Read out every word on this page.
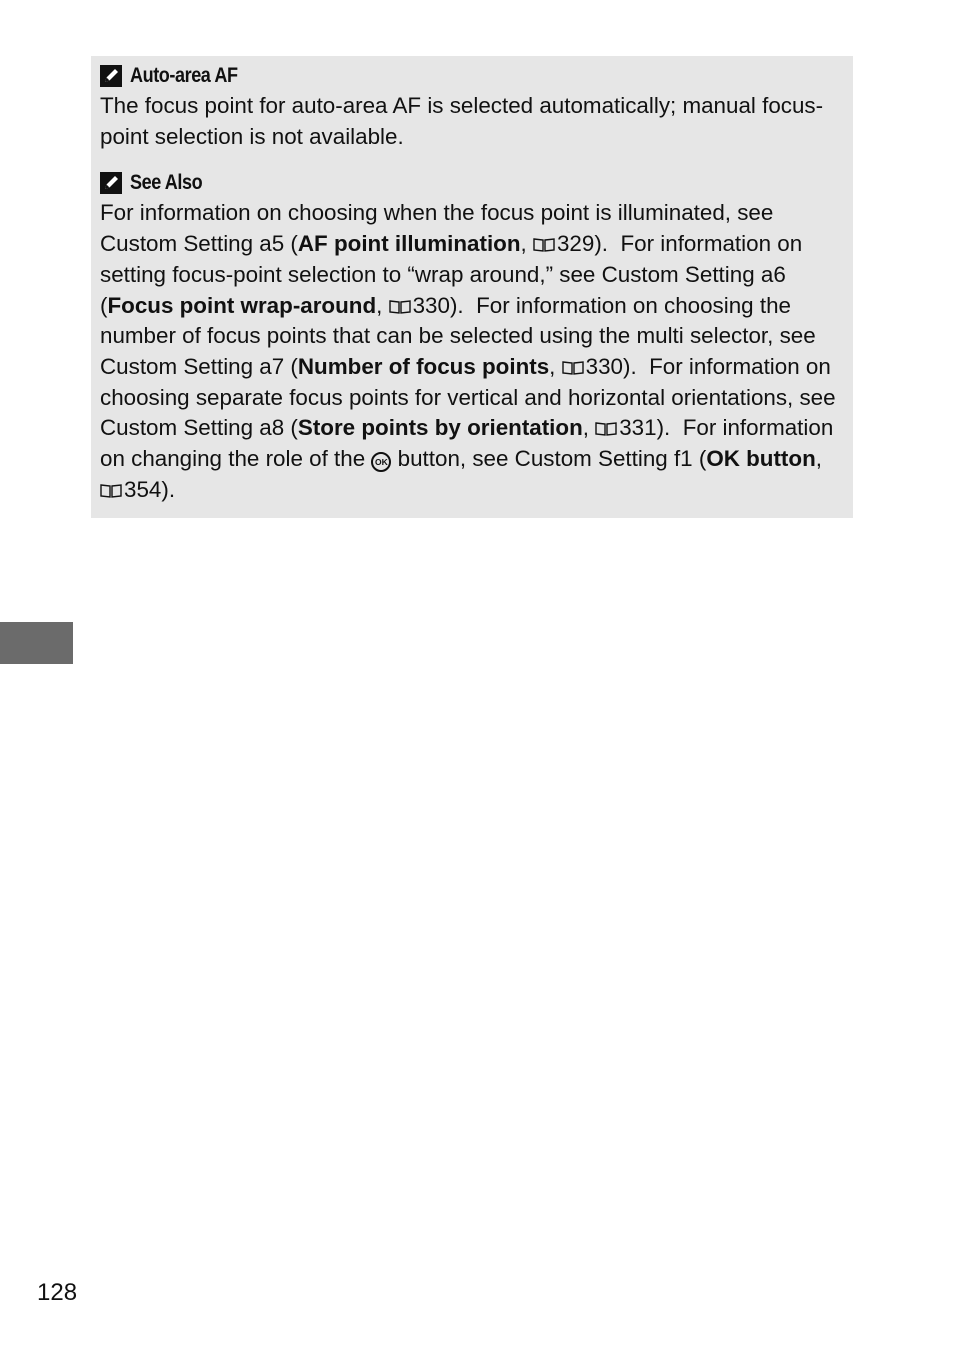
Auto-area AF

The focus point for auto-area AF is selected automatically; manual focus-point selection is not available.

See Also

For information on choosing when the focus point is illuminated, see Custom Setting a5 (AF point illumination, 329).  For information on setting focus-point selection to “wrap around,” see Custom Setting a6 (Focus point wrap-around, 330).  For information on choosing the number of focus points that can be selected using the multi selector, see Custom Setting a7 (Number of focus points, 330).  For information on choosing separate focus points for vertical and horizontal orientations, see Custom Setting a8 (Store points by orientation, 331).  For information on changing the role of the OK button, see Custom Setting f1 (OK button, 354).

128
